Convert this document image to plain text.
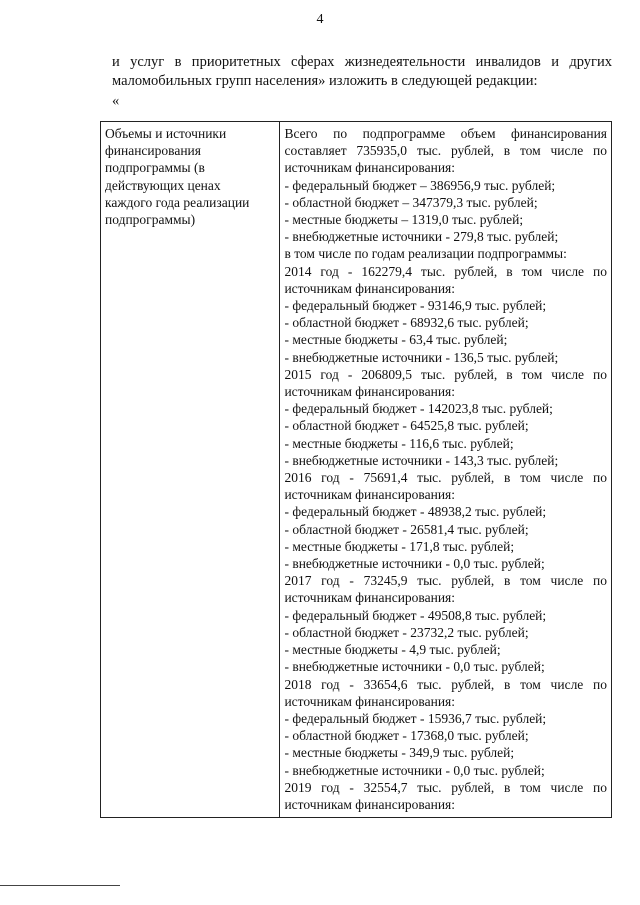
4

и услуг в приоритетных сферах жизнедеятельности инвалидов и других

маломобильных групп населения» изложить в следующей редакции:

«

Объемы и источники
финансирования
подпрограммы (в
действующих ценах
каждого года реализации
подпрограммы)

Всего по подпрограмме объем финансирования
составляет 735935,0 тыс. рублей, в том числе по
источникам финансирования:
- федеральный бюджет – 386956,9 тыс. рублей;
- областной бюджет – 347379,3 тыс. рублей;
- местные бюджеты – 1319,0 тыс. рублей;
- внебюджетные источники - 279,8 тыс. рублей;
в том числе по годам реализации подпрограммы:
2014 год - 162279,4 тыс. рублей, в том числе по
источникам финансирования:
- федеральный бюджет - 93146,9 тыс. рублей;
- областной бюджет - 68932,6 тыс. рублей;
- местные бюджеты - 63,4 тыс. рублей;
- внебюджетные источники - 136,5 тыс. рублей;
2015 год - 206809,5 тыс. рублей, в том числе по
источникам финансирования:
- федеральный бюджет - 142023,8 тыс. рублей;
- областной бюджет - 64525,8 тыс. рублей;
- местные бюджеты - 116,6 тыс. рублей;
- внебюджетные источники - 143,3 тыс. рублей;
2016 год - 75691,4 тыс. рублей, в том числе по
источникам финансирования:
- федеральный бюджет - 48938,2 тыс. рублей;
- областной бюджет - 26581,4 тыс. рублей;
- местные бюджеты - 171,8 тыс. рублей;
- внебюджетные источники - 0,0 тыс. рублей;
2017 год - 73245,9 тыс. рублей, в том числе по
источникам финансирования:
- федеральный бюджет - 49508,8 тыс. рублей;
- областной бюджет - 23732,2 тыс. рублей;
- местные бюджеты - 4,9 тыс. рублей;
- внебюджетные источники - 0,0 тыс. рублей;
2018 год - 33654,6 тыс. рублей, в том числе по
источникам финансирования:
- федеральный бюджет - 15936,7 тыс. рублей;
- областной бюджет - 17368,0 тыс. рублей;
- местные бюджеты - 349,9 тыс. рублей;
- внебюджетные источники - 0,0 тыс. рублей;
2019 год - 32554,7 тыс. рублей, в том числе по
источникам финансирования:
